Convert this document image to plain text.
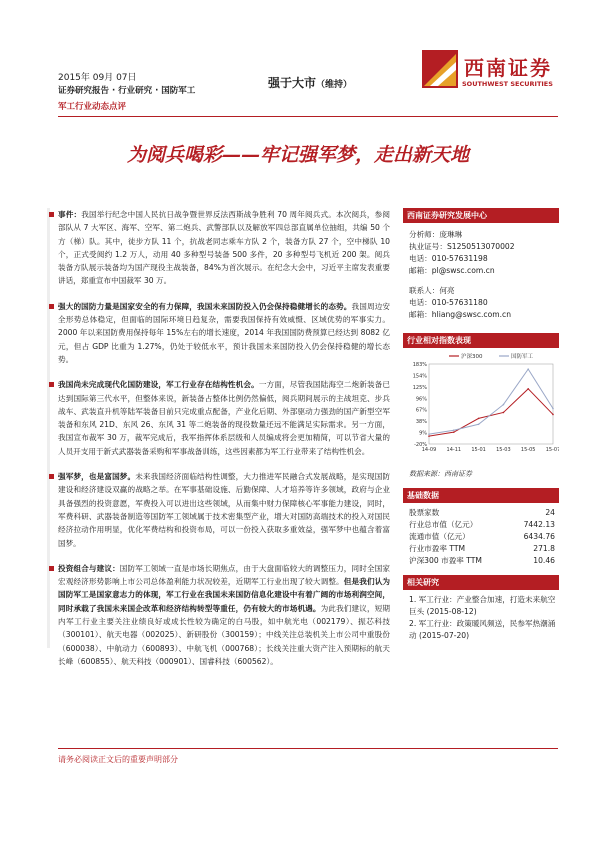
2015年 09月 07日
证券研究报告 · 行业研究 · 国防军工
军工行业动态点评
强于大市（维持）
西南证券
SOUTHWEST SECURITIES
为阅兵喝彩——牢记强军梦，走出新天地
事件：我国举行纪念中国人民抗日战争暨世界反法西斯战争胜利 70 周年阅兵式。本次阅兵，参阅部队从 7 大军区、海军、空军、第二炮兵、武警部队以及解放军四总部直属单位抽组，共编 50 个方（梯）队。其中，徒步方队 11 个，抗战老同志乘车方队 2 个，装备方队 27 个，空中梯队 10 个，正式受阅约 1.2 万人，动用 40 多种型号装备 500 多件，20 多种型号飞机近 200 架。阅兵装备方队展示装备均为国产现役主战装备，84%为首次展示。在纪念大会中，习近平主席发表重要讲话，郑重宣布中国裁军 30 万。
强大的国防力量是国家安全的有力保障，我国未来国防投入仍会保持稳健增长的态势。我国周边安全形势总体稳定，但面临的国际环境日趋复杂，需要我国保持有效威慑、区域优势的军事实力。2000 年以来国防费用保持每年 15%左右的增长速度，2014 年我国国防费预算已经达到 8082 亿元，但占 GDP 比重为 1.27%，仍处于较低水平，预计我国未来国防投入仍会保持稳健的增长态势。
我国尚未完成现代化国防建设，军工行业存在结构性机会。一方面，尽管我国陆海空二炮新装备已达到国际第三代水平，但整体来说，新装备占整体比例仍然偏低，阅兵期间展示的主战坦克、步兵战车、武装直升机等陆军装备目前只完成重点配备，产业化后期、外部驱动力强劲的国产新型空军装备和东风 21D、东风 26、东风 31 等二炮装备的现役数量还远不能满足实际需求。另一方面，我国宣布裁军 30 万，裁军完成后，我军指挥体系层级和人员编成将会更加精简，可以节省大量的人员开支用于新式武器装备采购和军事战备训练，这些因素都为军工行业带来了结构性机会。
强军梦，也是富国梦。未来我国经济面临结构性调整，大力推进军民融合式发展战略，是实现国防建设和经济建设双赢的战略之举。在军事基础设施、后勤保障、人才培养等许多领域，政府与企业具备强烈的投资意愿，军费投入可以进出这些领域，从而集中财力保障核心军事能力建设，同时，军费科研、武器装备制造等国防军工领域属于技术密集型产业，增大对国防高端技术的投入对国民经济拉动作用明显，优化军费结构和投资布局，可以一份投入获取多重效益，强军梦中也蕴含着富国梦。
投资组合与建议：国防军工领域一直是市场长期焦点，由于大盘面临较大的调整压力，同时全国家宏观经济形势影响上市公司总体盈利能力状况较差，近期军工行业出现了较大调整。但是我们认为国防军工是国家意志力的体现，军工行业在我国未来国防信息化建设中有着广阔的市场利润空间，同时承载了我国未来国企改革和经济结构转型等重任，仍有较大的市场机遇。为此我们建议，短期内军工行业主要关注业绩良好或成长性较为确定的白马股，如中航光电（002179）、振芯科技（300101）、航天电器（002025）、新研股份（300159）；中线关注总装机关上市公司中重股份（600038）、中航动力（600893）、中航飞机（000768）；长线关注重大资产注入预期标的航天长峰（600855）、航天科技（000901）、国睿科技（600562）。
西南证券研究发展中心
分析师：庞琳琳
执业证号：S1250513070002
电话：010-57631198
邮箱：pl@swsc.com.cn
联系人：何亮
电话：010-57631180
邮箱：hliang@swsc.com.cn
行业相对指数表现
183%
154%
125%
96%
67%
38%
9%
-20%
14-09 14-11 15-01 15-03 15-05 15-07
沪深300	国防军工
数据来源：西南证券
基础数据
股票家数	24
行业总市值（亿元）	7442.13
流通市值（亿元）	6434.76
行业市盈率 TTM	271.8
沪深300 市盈率 TTM	10.46
相关研究
1. 军工行业：产业整合加速，打造未来航空巨头 (2015-08-12)
2. 军工行业：政策暖风频送，民参军热潮涌动 (2015-07-20)
请务必阅读正文后的重要声明部分
